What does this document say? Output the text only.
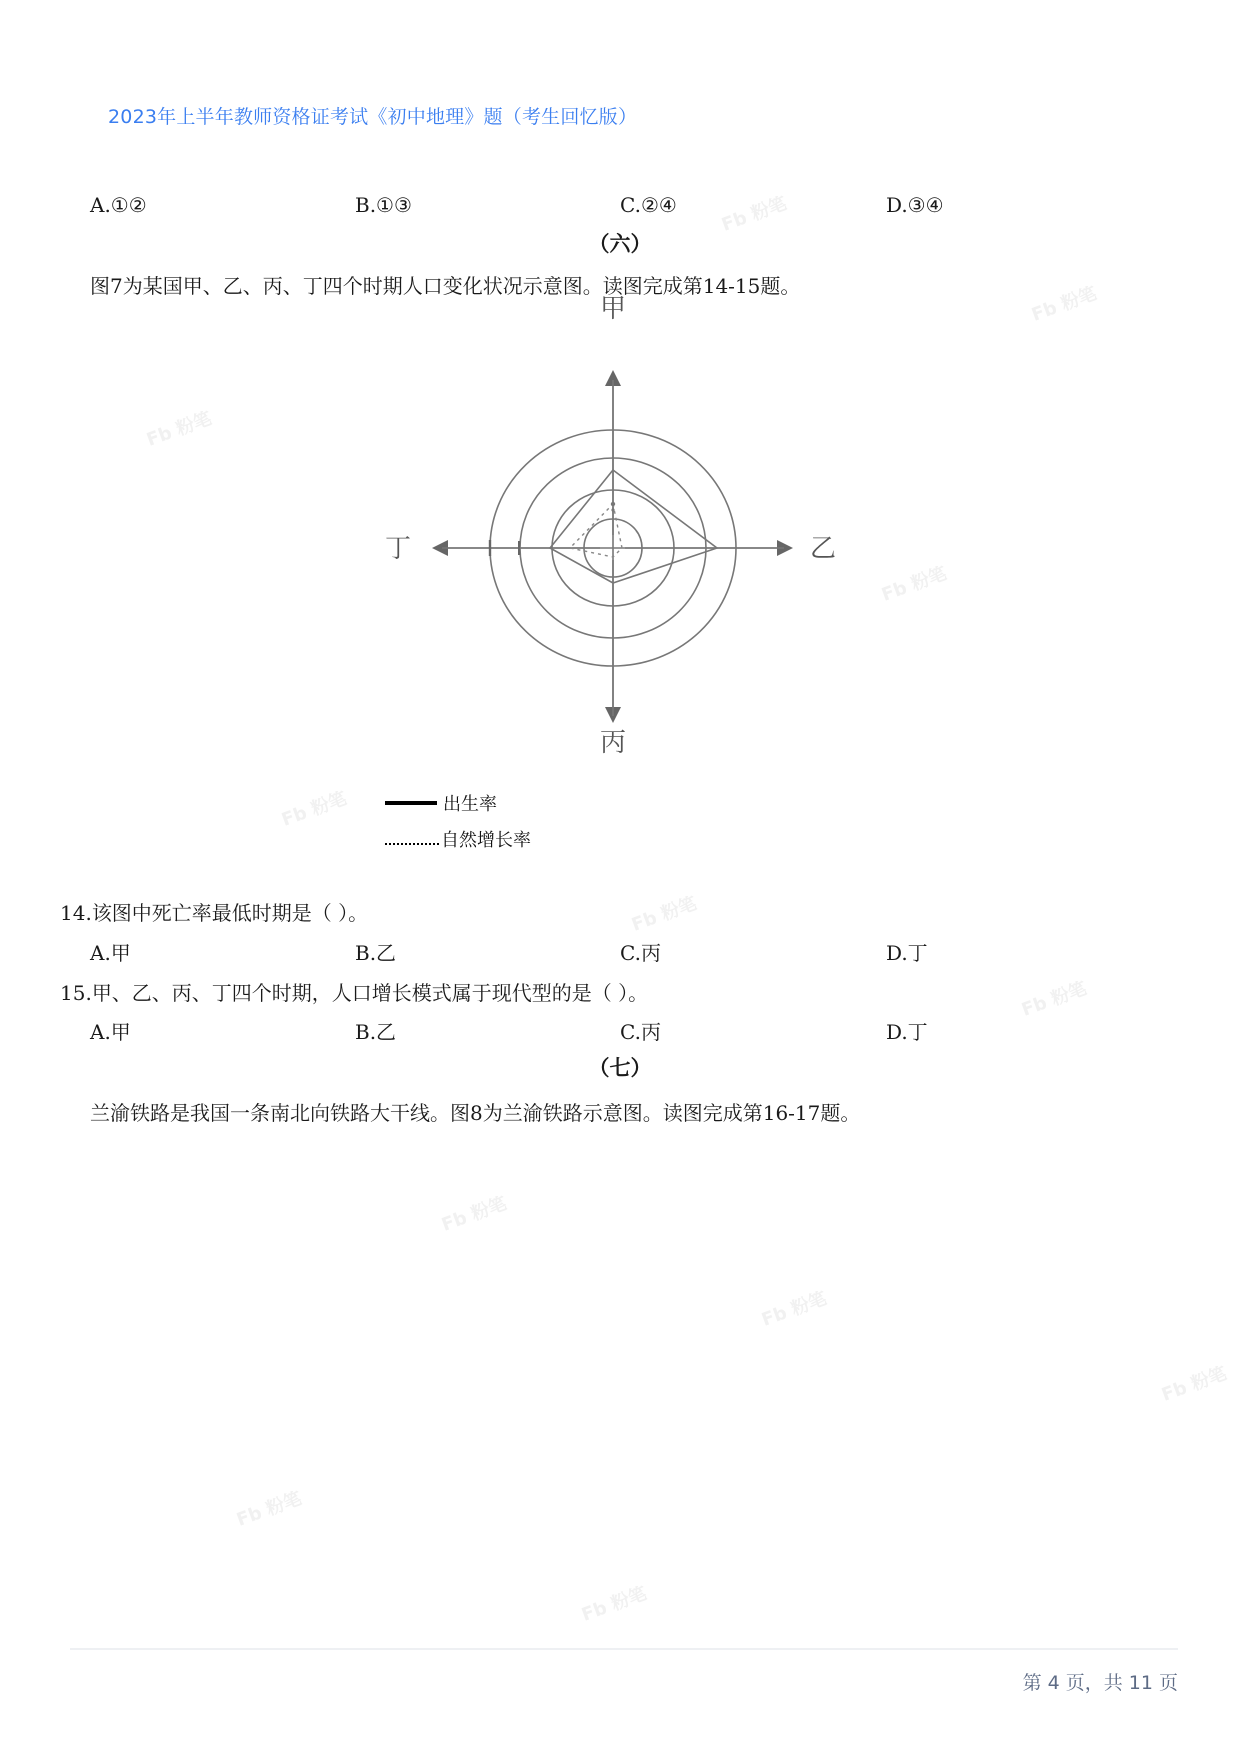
Fb 粉笔
Fb 粉笔
Fb 粉笔
Fb 粉笔
Fb 粉笔
Fb 粉笔
Fb 粉笔
Fb 粉笔
Fb 粉笔
Fb 粉笔
Fb 粉笔
Fb 粉笔
2023年上半年教师资格证考试《初中地理》题（考生回忆版）
A.①②	B.①③	C.②④	D.③④
（六）
图7为某国甲、乙、丙、丁四个时期人口变化状况示意图。读图完成第14-15题。
甲
乙
丙
丁
出生率
自然增长率
14.该图中死亡率最低时期是（ ）。
A.甲	B.乙	C.丙	D.丁
15.甲、乙、丙、丁四个时期，人口增长模式属于现代型的是（ ）。
A.甲	B.乙	C.丙	D.丁
（七）
兰渝铁路是我国一条南北向铁路大干线。图8为兰渝铁路示意图。读图完成第16-17题。
第 4 页，共 11 页
